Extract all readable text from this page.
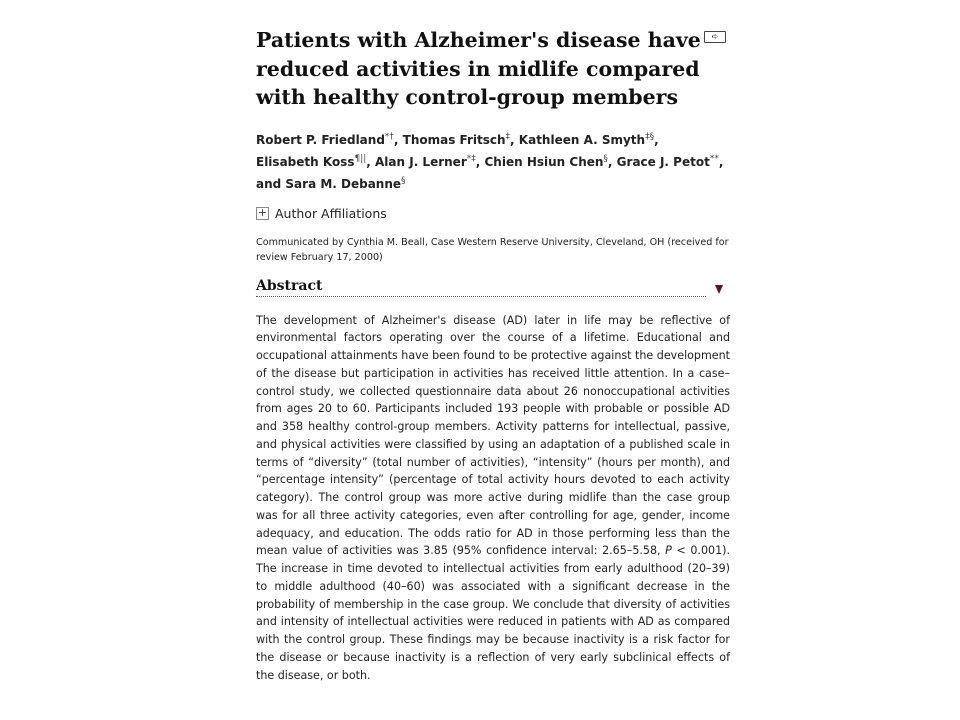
➪
Patients with Alzheimer's disease have reduced activities in midlife compared with healthy control-group members
Robert P. Friedland*†, Thomas Fritsch‡, Kathleen A. Smyth‡§,
Elisabeth Koss¶||, Alan J. Lerner*‡, Chien Hsiun Chen§, Grace J. Petot**,
and Sara M. Debanne§
+ Author Affiliations
Communicated by Cynthia M. Beall, Case Western Reserve University, Cleveland, OH (received for review February 17, 2000)
Abstract
The development of Alzheimer's disease (AD) later in life may be reflective of environmental factors operating over the course of a lifetime. Educational and occupational attainments have been found to be protective against the development of the disease but participation in activities has received little attention. In a case–control study, we collected questionnaire data about 26 nonoccupational activities from ages 20 to 60. Participants included 193 people with probable or possible AD and 358 healthy control-group members. Activity patterns for intellectual, passive, and physical activities were classified by using an adaptation of a published scale in terms of “diversity” (total number of activities), “intensity” (hours per month), and “percentage intensity” (percentage of total activity hours devoted to each activity category). The control group was more active during midlife than the case group was for all three activity categories, even after controlling for age, gender, income adequacy, and education. The odds ratio for AD in those performing less than the mean value of activities was 3.85 (95% confidence interval: 2.65–5.58, P < 0.001). The increase in time devoted to intellectual activities from early adulthood (20–39) to middle adulthood (40–60) was associated with a significant decrease in the probability of membership in the case group. We conclude that diversity of activities and intensity of intellectual activities were reduced in patients with AD as compared with the control group. These findings may be because inactivity is a risk factor for the disease or because inactivity is a reflection of very early subclinical effects of the disease, or both.
